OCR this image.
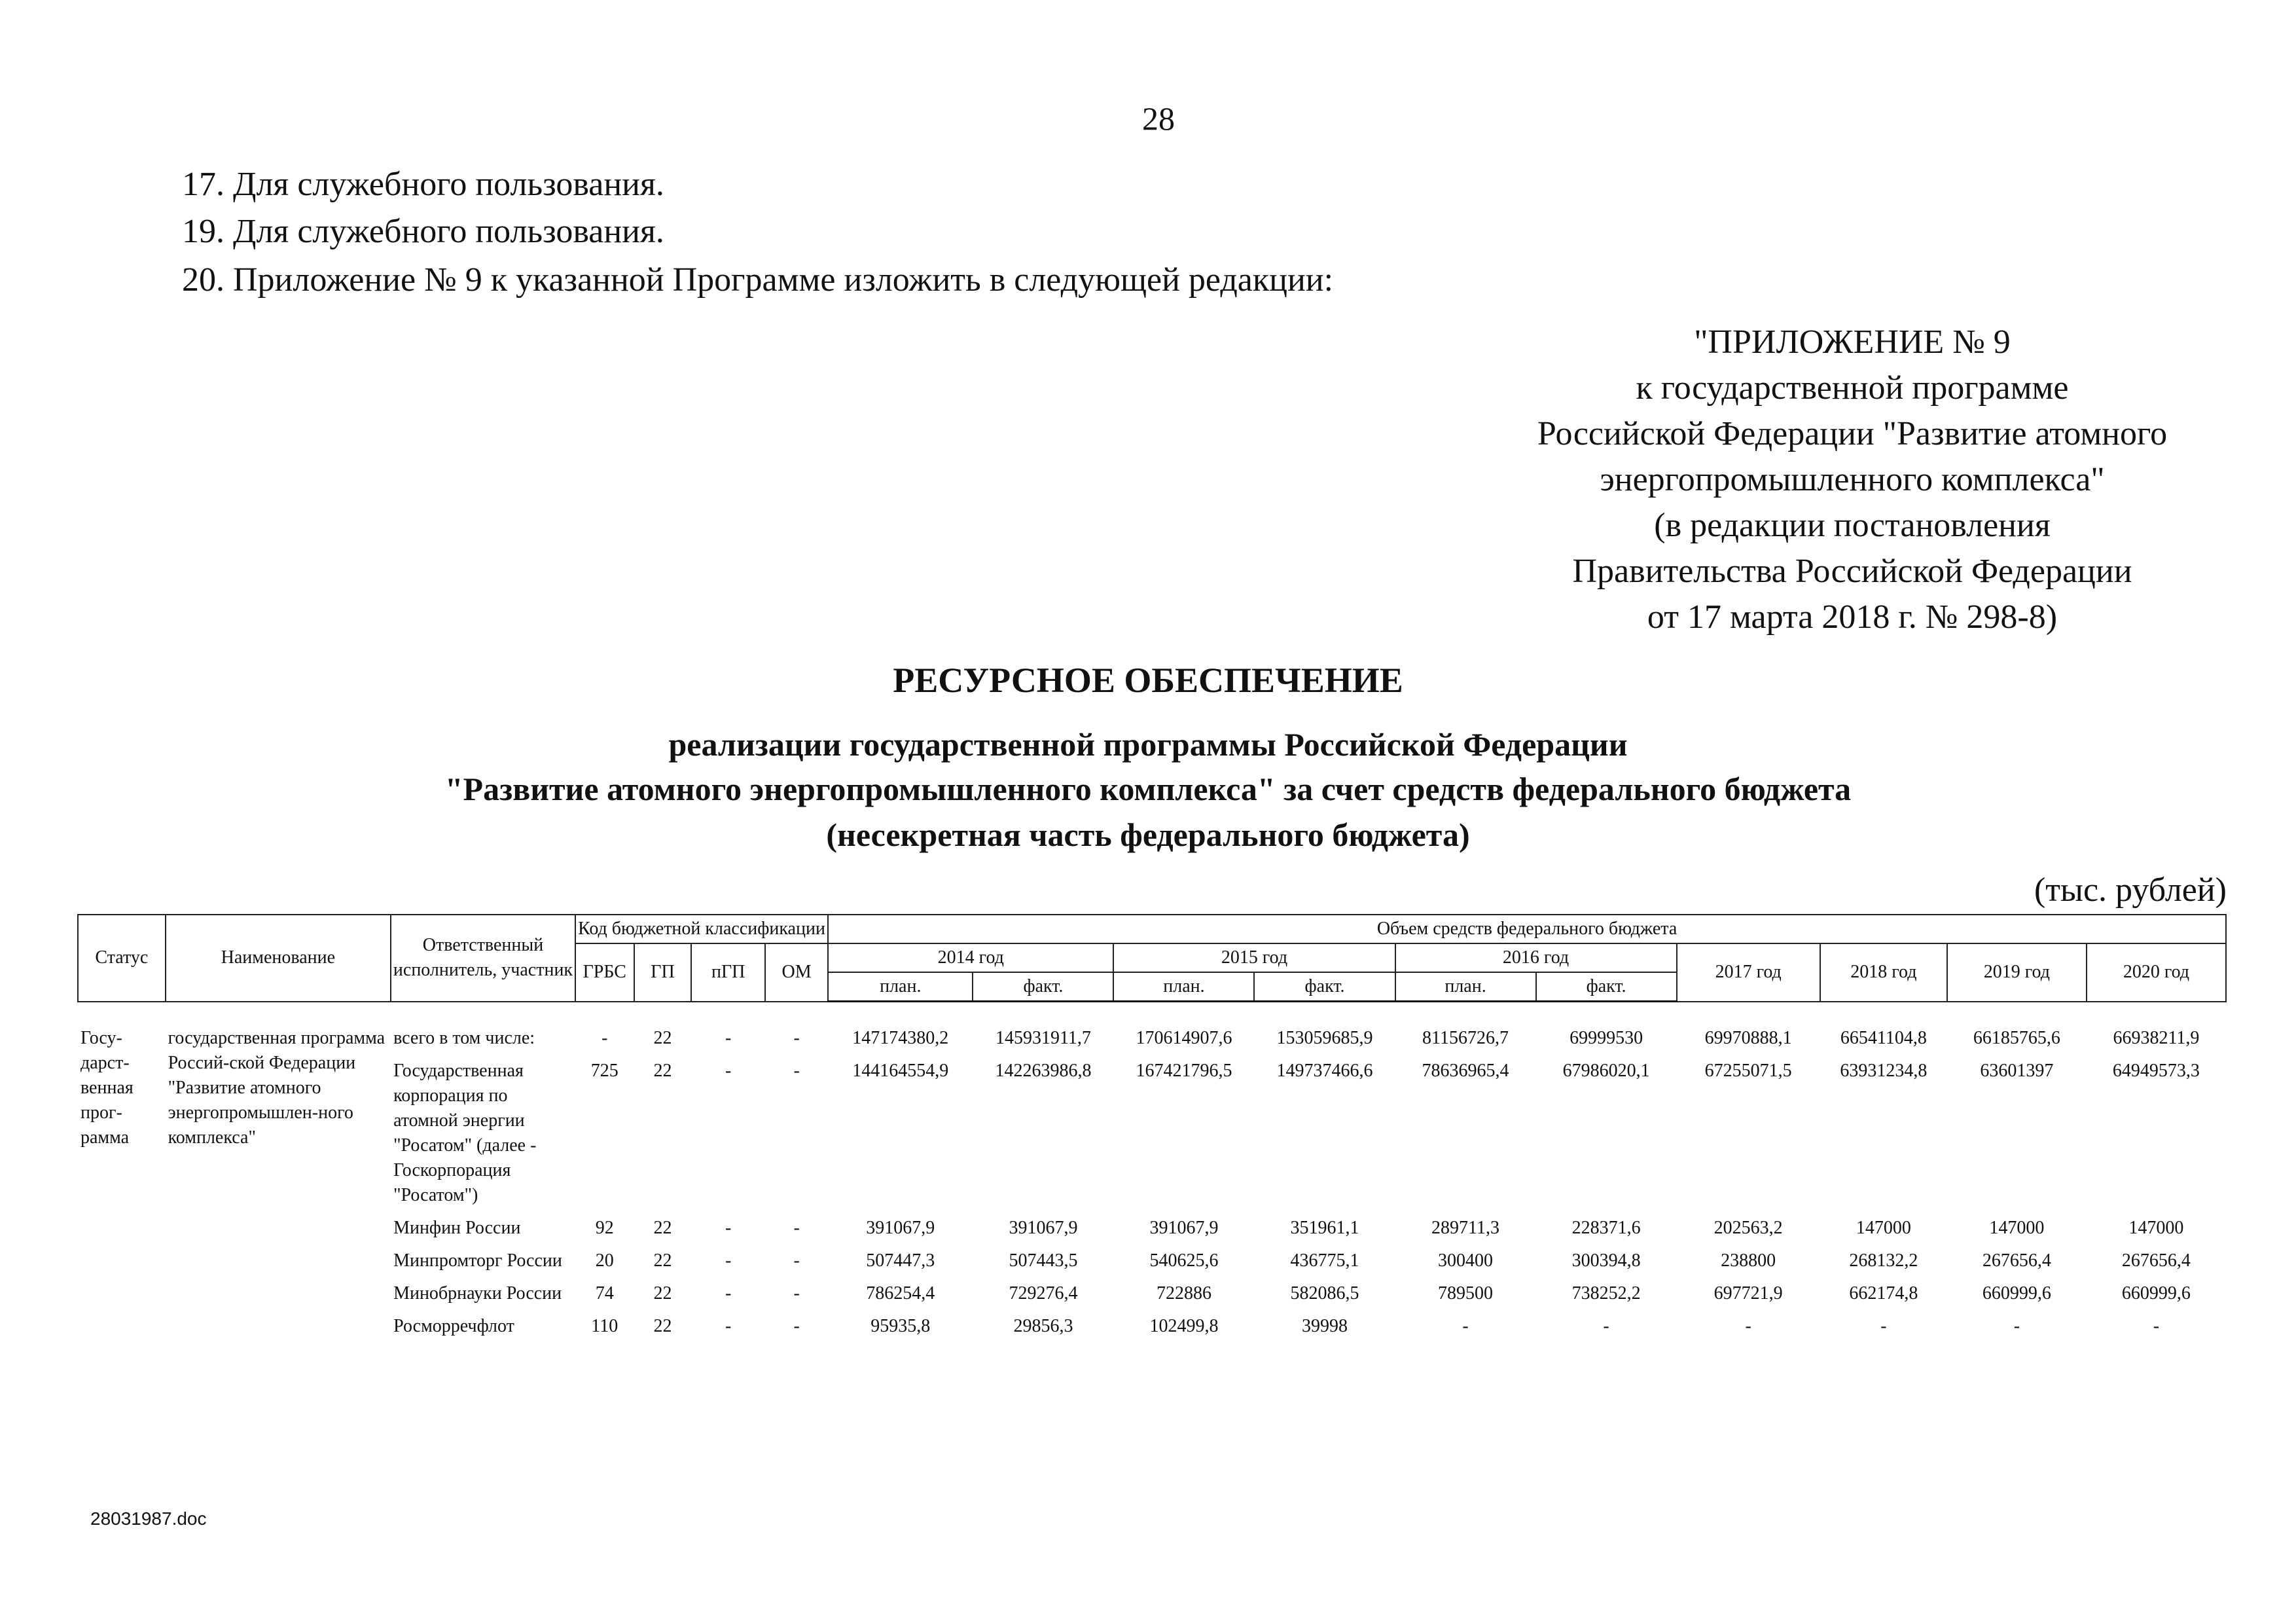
28
17. Для служебного пользования.
19. Для служебного пользования.
20. Приложение № 9 к указанной Программе изложить в следующей редакции:
"ПРИЛОЖЕНИЕ № 9
к государственной программе
Российской Федерации "Развитие атомного
энергопромышленного комплекса"
(в редакции постановления
Правительства Российской Федерации
от 17 марта 2018 г. № 298-8)
РЕСУРСНОЕ ОБЕСПЕЧЕНИЕ
реализации государственной программы Российской Федерации
"Развитие атомного энергопромышленного комплекса" за счет средств федерального бюджета
(несекретная часть федерального бюджета)
(тыс. рублей)
Статус	Наименование	Ответственный исполнитель, участник	Код бюджетной классификации				Объем средств федерального бюджета									
			ГРБС	ГП	пГП	ОМ	2014 год		2015 год		2016 год		2017 год	2018 год	2019 год	2020 год
							план.	факт.	план.	факт.	план.	факт.				
Госу-дарст-венная прог-рамма	государственная программа Россий-ской Федерации "Развитие атомного энергопромышлен-ного комплекса"	всего в том числе:	-	22	-	-	147174380,2	145931911,7	170614907,6	153059685,9	81156726,7	69999530	69970888,1	66541104,8	66185765,6	66938211,9
		Государственная корпорация по атомной энергии "Росатом" (далее - Госкорпорация "Росатом")	725	22	-	-	144164554,9	142263986,8	167421796,5	149737466,6	78636965,4	67986020,1	67255071,5	63931234,8	63601397	64949573,3
		Минфин России	92	22	-	-	391067,9	391067,9	391067,9	351961,1	289711,3	228371,6	202563,2	147000	147000	147000
		Минпромторг России	20	22	-	-	507447,3	507443,5	540625,6	436775,1	300400	300394,8	238800	268132,2	267656,4	267656,4
		Минобрнауки России	74	22	-	-	786254,4	729276,4	722886	582086,5	789500	738252,2	697721,9	662174,8	660999,6	660999,6
		Росморречфлот	110	22	-	-	95935,8	29856,3	102499,8	39998	-	-	-	-	-	-
28031987.doc
